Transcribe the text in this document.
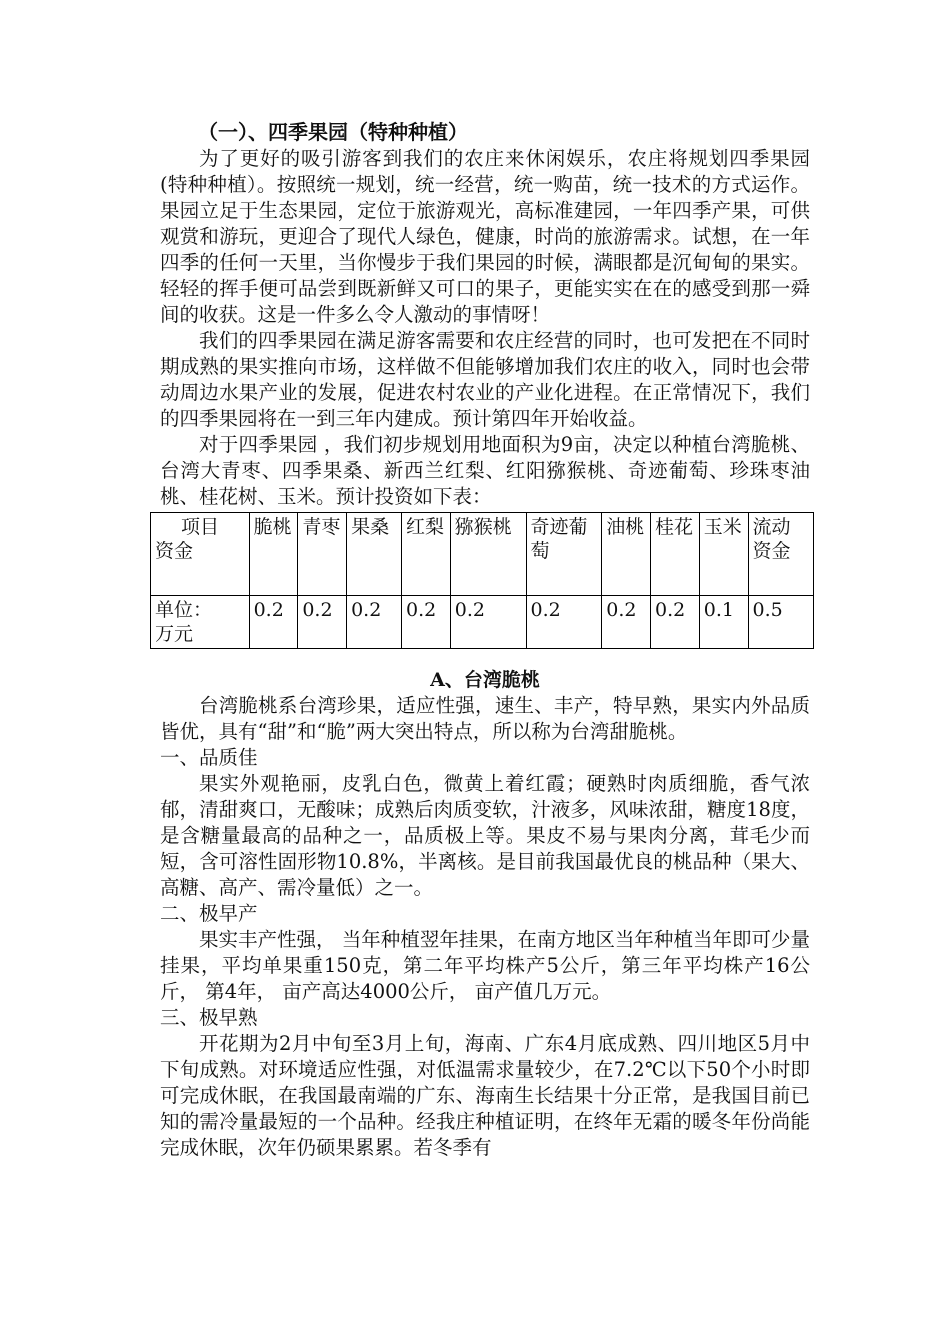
（一）、四季果园（特种种植）

为了更好的吸引游客到我们的农庄来休闲娱乐，农庄将规划四季果园(特种种植）。按照统一规划，统一经营，统一购苗，统一技术的方式运作。果园立足于生态果园，定位于旅游观光，高标准建园，一年四季产果，可供观赏和游玩，更迎合了现代人绿色，健康，时尚的旅游需求。试想，在一年四季的任何一天里，当你慢步于我们果园的时候，满眼都是沉甸甸的果实。轻轻的挥手便可品尝到既新鲜又可口的果子，更能实实在在的感受到那一舜间的收获。这是一件多么令人激动的事情呀！

我们的四季果园在满足游客需要和农庄经营的同时，也可发把在不同时期成熟的果实推向市场，这样做不但能够增加我们农庄的收入，同时也会带动周边水果产业的发展，促进农村农业的产业化进程。在正常情况下，我们的四季果园将在一到三年内建成。预计第四年开始收益。

对于四季果园 ，我们初步规划用地面积为9亩，决定以种植台湾脆桃、台湾大青枣、四季果桑、新西兰红梨、红阳猕猴桃、奇迹葡萄、珍珠枣油桃、桂花树、玉米。预计投资如下表：

项目
资金	脆桃	青枣	果桑	红梨	猕猴桃	奇迹葡萄	油桃	桂花	玉米	流动资金

单位：
万元	0.2	0.2	0.2	0.2	0.2	0.2	0.2	0.2	0.1	0.5
A、台湾脆桃

台湾脆桃系台湾珍果，适应性强，速生、丰产，特早熟，果实内外品质皆优，具有“甜”和“脆”两大突出特点，所以称为台湾甜脆桃。

一、品质佳

果实外观艳丽，皮乳白色，微黄上着红霞；硬熟时肉质细脆，香气浓郁，清甜爽口，无酸味；成熟后肉质变软，汁液多，风味浓甜，糖度18度，是含糖量最高的品种之一，品质极上等。果皮不易与果肉分离，茸毛少而短，含可溶性固形物10.8%，半离核。是目前我国最优良的桃品种（果大、高糖、高产、需冷量低）之一。

二、极早产

果实丰产性强， 当年种植翌年挂果，在南方地区当年种植当年即可少量挂果，平均单果重150克，第二年平均株产5公斤，第三年平均株产16公斤， 第4年， 亩产高达4000公斤， 亩产值几万元。

三、极早熟

开花期为2月中旬至3月上旬，海南、广东4月底成熟、四川地区5月中下旬成熟。对环境适应性强，对低温需求量较少，在7.2℃以下50个小时即可完成休眠，在我国最南端的广东、海南生长结果十分正常，是我国目前已知的需冷量最短的一个品种。经我庄种植证明，在终年无霜的暖冬年份尚能完成休眠，次年仍硕果累累。若冬季有
